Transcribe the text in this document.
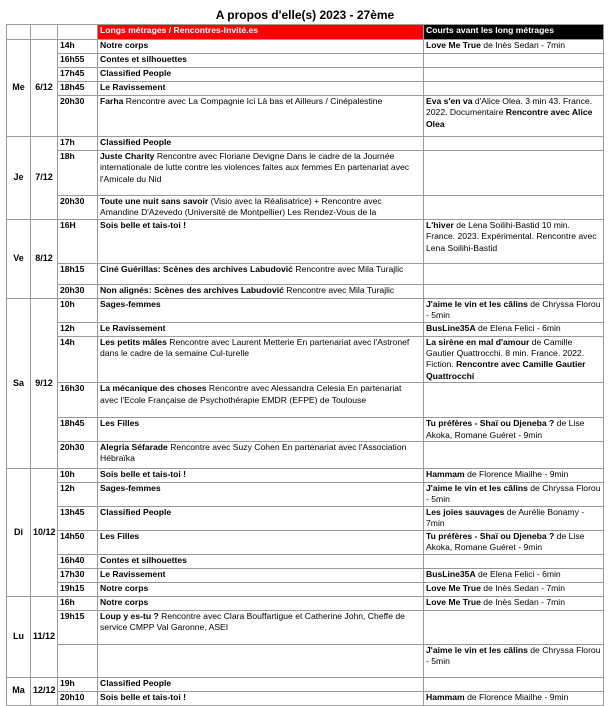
A propos d'elle(s) 2023 - 27ème
			Longs métrages / Rencontres-Invité.es	Courts avant les long métrages
Me	6/12	14h	Notre corps	Love Me True de Inès Sedan - 7min
		16h55	Contes et silhouettes	
		17h45	Classified People	
		18h45	Le Ravissement	
		20h30	Farha Rencontre avec La Compagnie Ici Là bas et Ailleurs / Cinépalestine	Eva s'en va d'Alice Olea. 3 min 43. France. 2022. Documentaire Rencontre avec Alice Olea
Je	7/12	17h	Classified People	
		18h	Juste Charity Rencontre avec Floriane Devigne Dans le cadre de la Journée internationale de lutte contre les violences faites aux femmes En partenariat avec l'Amicale du Nid	
		20h30	Toute une nuit sans savoir (Visio avec la Réalisatrice) + Rencontre avec Amandine D'Azevedo (Université de Montpellier) Les Rendez-Vous de la	
Ve	8/12	16H	Sois belle et tais-toi !	L'hiver de Lena Soilihi-Bastid 10 min. France. 2023. Expérimental. Rencontre avec Lena Soilihi-Bastid
		18h15	Ciné Guérillas: Scènes des archives Labudović Rencontre avec Mila Turajlic	
		20h30	Non alignés: Scènes des archives Labudović Rencontre avec Mila Turajlic	
Sa	9/12	10h	Sages-femmes	J'aime le vin et les câlins de Chryssa Florou - 5min
		12h	Le Ravissement	BusLine35A de Elena Felici - 6min
		14h	Les petits mâles Rencontre avec Laurent Metterie En partenariat avec l'Astronef dans le cadre de la semaine Cul-turelle	La sirène en mal d'amour de Camille Gautier Quattrocchi. 8 min. France. 2022. Fiction. Rencontre avec Camille Gautier Quattrocchi
		16h30	La mécanique des choses Rencontre avec Alessandra Celesia En partenariat avec l'Ecole Française de Psychothérapie EMDR (EFPE) de Toulouse	
		18h45	Les Filles	Tu préfères - Shaï ou Djeneba ? de Lise Akoka, Romane Guéret - 9min
		20h30	Alegria Séfarade Rencontre avec Suzy Cohen En partenariat avec l'Association Hébraïka	
Di	10/12	10h	Sois belle et tais-toi !	Hammam de Florence Miailhe - 9min
		12h	Sages-femmes	J'aime le vin et les câlins de Chryssa Florou - 5min
		13h45	Classified People	Les joies sauvages de Aurélie Bonamy - 7min
		14h50	Les Filles	Tu préfères - Shaï ou Djeneba ? de Lise Akoka, Romane Guéret - 9min
		16h40	Contes et silhouettes	
		17h30	Le Ravissement	BusLine35A de Elena Felici - 6min
		19h15	Notre corps	Love Me True de Inès Sedan - 7min
Lu	11/12	16h	Notre corps	Love Me True de Inès Sedan - 7min
		19h15	Loup y es-tu ? Rencontre avec Clara Bouffartigue et Catherine John, Cheffe de service CMPP Val Garonne, ASEI	
				J'aime le vin et les câlins de Chryssa Florou - 5min
Ma	12/12	19h	Classified People	
		20h10	Sois belle et tais-toi !	Hammam de Florence Miailhe - 9min
